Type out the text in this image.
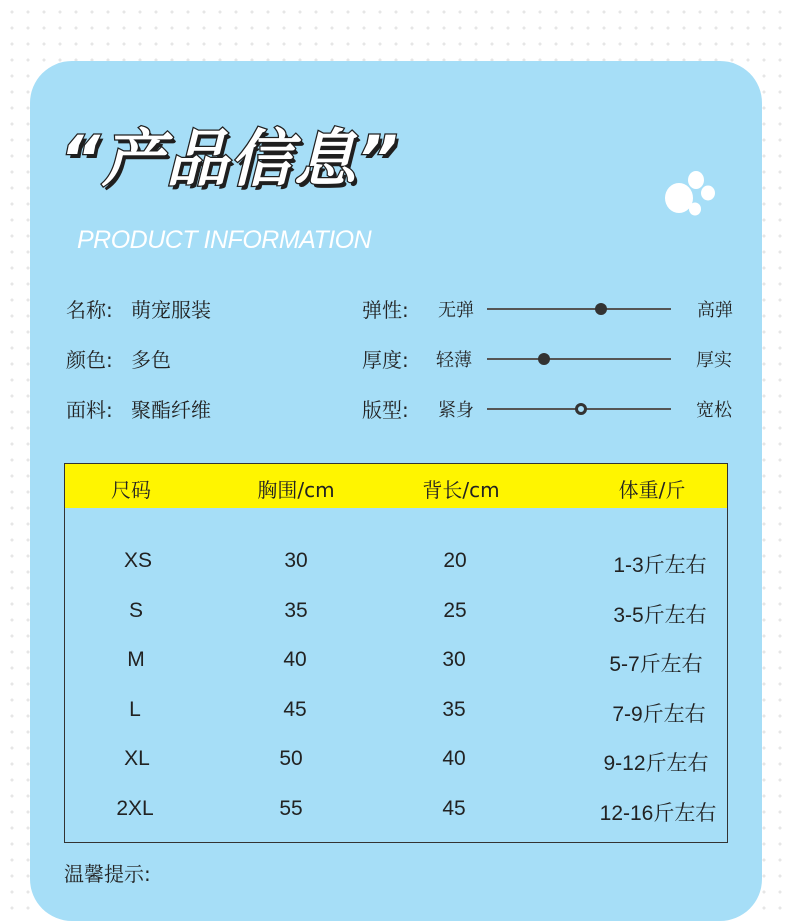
“产品信息”
PRODUCT INFORMATION
名称: 萌宠服装
颜色: 多色
面料: 聚酯纤维
弹性: 无弹	高弹
厚度: 轻薄	厚实
版型: 紧身	宽松
尺码	胸围/cm	背长/cm	体重/斤
XS	30	20	1-3斤左右
S	35	25	3-5斤左右
M	40	30	5-7斤左右
L	45	35	7-9斤左右
XL	50	40	9-12斤左右
2XL	55	45	12-16斤左右
温馨提示:
